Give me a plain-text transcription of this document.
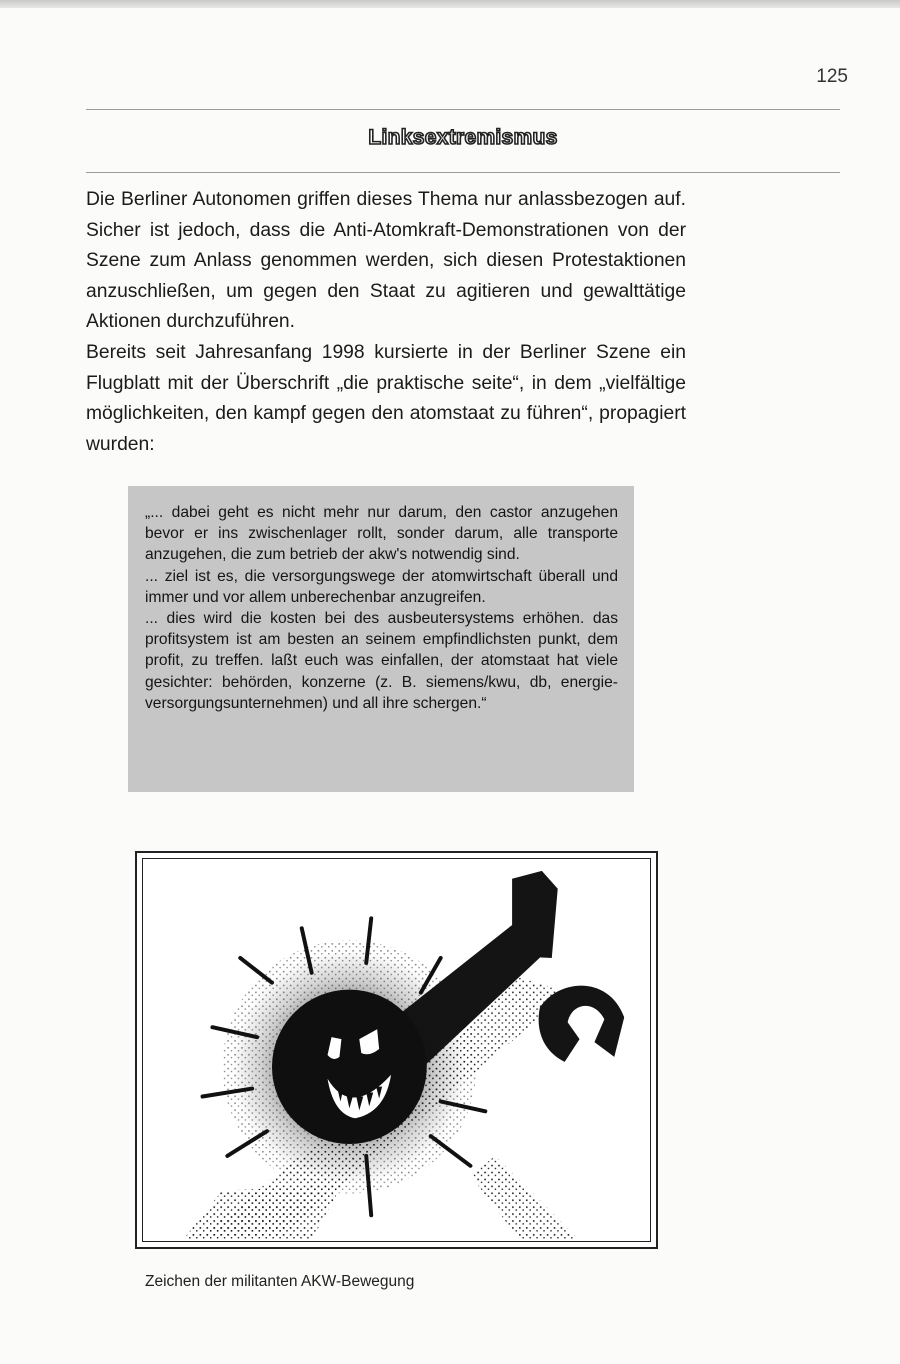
125
Linksextremismus

Die Berliner Autonomen griffen dieses Thema nur anlassbezogen auf. Sicher ist jedoch, dass die Anti-Atomkraft-Demonstrationen von der Szene zum Anlass genommen werden, sich diesen Protestaktionen anzuschließen, um gegen den Staat zu agitieren und gewalttätige Aktionen durchzuführen.

Bereits seit Jahresanfang 1998 kursierte in der Berliner Szene ein Flugblatt mit der Überschrift „die praktische seite“, in dem „vielfältige möglichkeiten, den kampf gegen den atomstaat zu führen“, propagiert wurden:

„... dabei geht es nicht mehr nur darum, den castor anzugehen bevor er ins zwischenlager rollt, sonder darum, alle transporte anzugehen, die zum betrieb der akw's notwendig sind.

... ziel ist es, die versorgungswege der atomwirtschaft überall und immer und vor allem unberechenbar anzugreifen.

... dies wird die kosten bei des ausbeutersystems erhöhen. das profitsystem ist am besten an seinem empfindlichsten punkt, dem profit, zu treffen. laßt euch was einfallen, der atomstaat hat viele gesichter: behörden, konzerne (z. B. siemens/kwu, db, energie- versorgungsunternehmen) und all ihre schergen.“

Zeichen der militanten AKW-Bewegung
